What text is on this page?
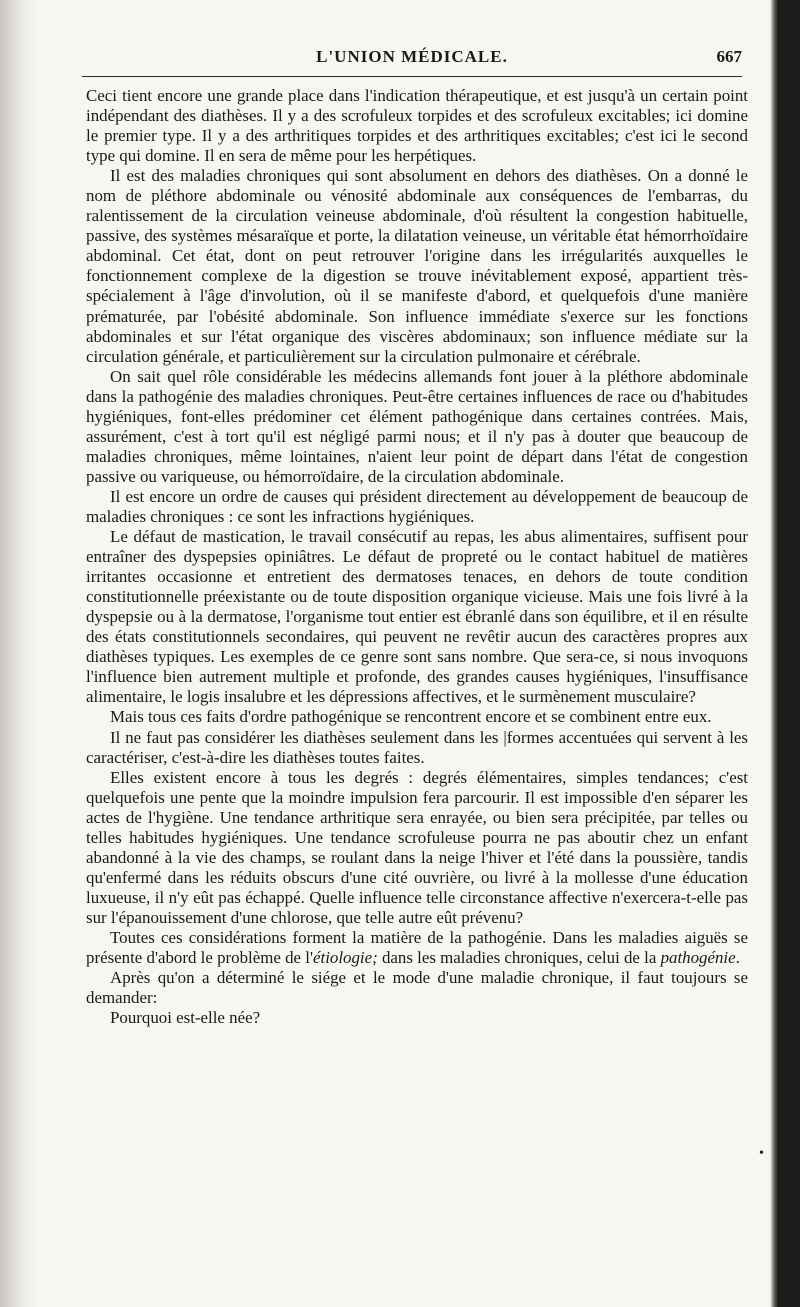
L'UNION MÉDICALE.	667

Ceci tient encore une grande place dans l'indication thérapeutique, et est jusqu'à un certain point indépendant des diathèses. Il y a des scrofuleux torpides et des scrofuleux excitables; ici domine le premier type. Il y a des arthritiques torpides et des arthritiques excitables; c'est ici le second type qui domine. Il en sera de même pour les herpétiques.

Il est des maladies chroniques qui sont absolument en dehors des diathèses. On a donné le nom de pléthore abdominale ou vénosité abdominale aux conséquences de l'embarras, du ralentissement de la circulation veineuse abdominale, d'où résultent la congestion habituelle, passive, des systèmes mésaraïque et porte, la dilatation veineuse, un véritable état hémorrhoïdaire abdominal. Cet état, dont on peut retrouver l'origine dans les irrégularités auxquelles le fonctionnement complexe de la digestion se trouve inévitablement exposé, appartient très-spécialement à l'âge d'involution, où il se manifeste d'abord, et quelquefois d'une manière prématurée, par l'obésité abdominale. Son influence immédiate s'exerce sur les fonctions abdominales et sur l'état organique des viscères abdominaux; son influence médiate sur la circulation générale, et particulièrement sur la circulation pulmonaire et cérébrale.

On sait quel rôle considérable les médecins allemands font jouer à la pléthore abdominale dans la pathogénie des maladies chroniques. Peut-être certaines influences de race ou d'habitudes hygiéniques, font-elles prédominer cet élément pathogénique dans certaines contrées. Mais, assurément, c'est à tort qu'il est négligé parmi nous; et il n'y pas à douter que beaucoup de maladies chroniques, même lointaines, n'aient leur point de départ dans l'état de congestion passive ou variqueuse, ou hémorroïdaire, de la circulation abdominale.

Il est encore un ordre de causes qui président directement au développement de beaucoup de maladies chroniques : ce sont les infractions hygiéniques.

Le défaut de mastication, le travail consécutif au repas, les abus alimentaires, suffisent pour entraîner des dyspepsies opiniâtres. Le défaut de propreté ou le contact habituel de matières irritantes occasionne et entretient des dermatoses tenaces, en dehors de toute condition constitutionnelle préexistante ou de toute disposition organique vicieuse. Mais une fois livré à la dyspepsie ou à la dermatose, l'organisme tout entier est ébranlé dans son équilibre, et il en résulte des états constitutionnels secondaires, qui peuvent ne revêtir aucun des caractères propres aux diathèses typiques. Les exemples de ce genre sont sans nombre. Que sera-ce, si nous invoquons l'influence bien autrement multiple et profonde, des grandes causes hygiéniques, l'insuffisance alimentaire, le logis insalubre et les dépressions affectives, et le surmènement musculaire?

Mais tous ces faits d'ordre pathogénique se rencontrent encore et se combinent entre eux.

Il ne faut pas considérer les diathèses seulement dans les |formes accentuées qui servent à les caractériser, c'est-à-dire les diathèses toutes faites.

Elles existent encore à tous les degrés : degrés élémentaires, simples tendances; c'est quelquefois une pente que la moindre impulsion fera parcourir. Il est impossible d'en séparer les actes de l'hygiène. Une tendance arthritique sera enrayée, ou bien sera précipitée, par telles ou telles habitudes hygiéniques. Une tendance scrofuleuse pourra ne pas aboutir chez un enfant abandonné à la vie des champs, se roulant dans la neige l'hiver et l'été dans la poussière, tandis qu'enfermé dans les réduits obscurs d'une cité ouvrière, ou livré à la mollesse d'une éducation luxueuse, il n'y eût pas échappé. Quelle influence telle circonstance affective n'exercera-t-elle pas sur l'épanouissement d'une chlorose, que telle autre eût prévenu?

Toutes ces considérations forment la matière de la pathogénie. Dans les maladies aiguës se présente d'abord le problème de l'étiologie; dans les maladies chroniques, celui de la pathogénie.

Après qu'on a déterminé le siége et le mode d'une maladie chronique, il faut toujours se demander:

Pourquoi est-elle née?

•
